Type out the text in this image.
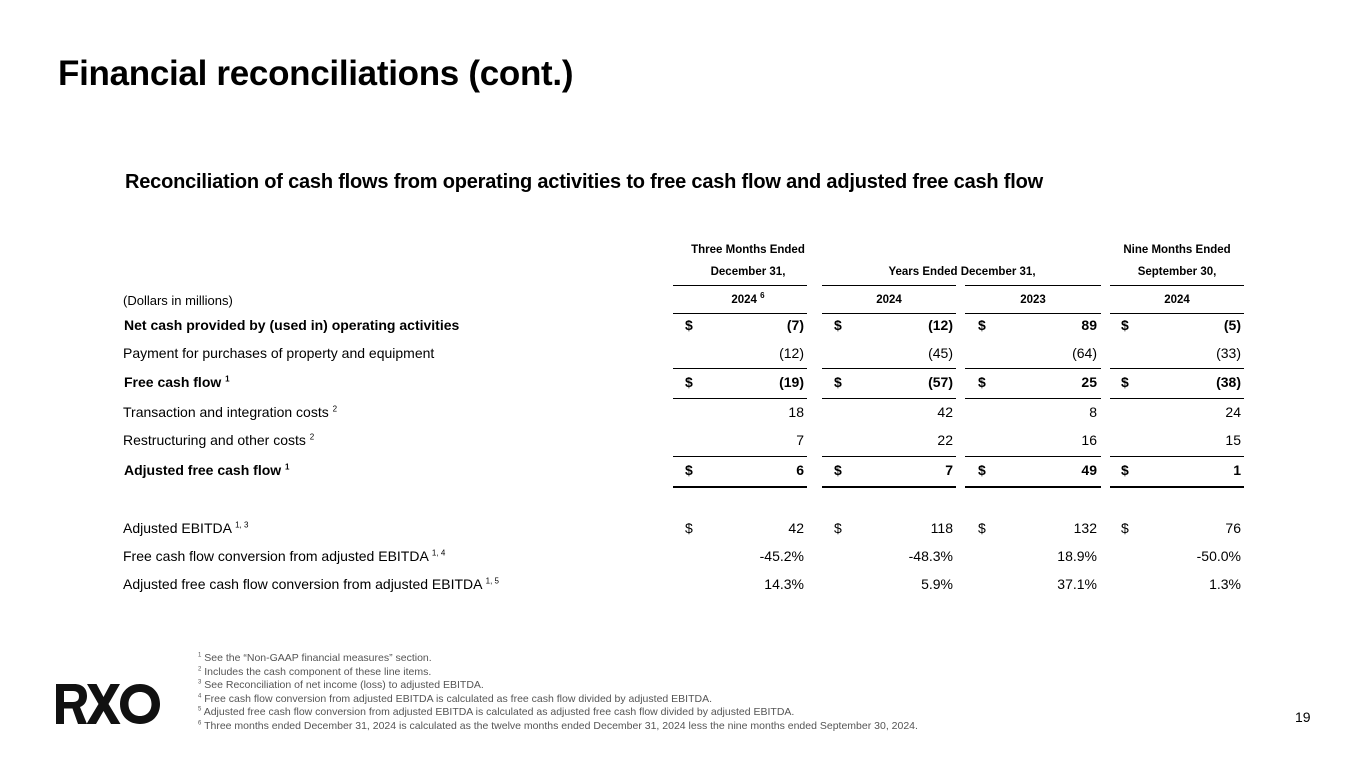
Financial reconciliations (cont.)
Reconciliation of cash flows from operating activities to free cash flow and adjusted free cash flow
Three Months Ended
December 31,	Years Ended December 31,
Nine Months Ended
September 30,
(Dollars in millions)	2024 $^6$	2024	2023	2024
Net cash provided by (used in) operating activities	$	(7) $	(12) $	89 $	(5)
Payment for purchases of property and equipment	(12)	(45)	(64)	(33)
Free cash flow $^1$	$	(19) $	(57) $	25 $	(38)
Transaction and integration costs $^2$	18	42	8	24
Restructuring and other costs $^2$	7	22	16	15
Adjusted free cash flow $^1$	$	6 $	7 $	49 $	1
Adjusted EBITDA $^{1, 3}$	$	42 $	118 $	132 $	76
Free cash flow conversion from adjusted EBITDA $^{1, 4}$	-45.2%	-48.3%	18.9%	-50.0%
Adjusted free cash flow conversion from adjusted EBITDA $^{1, 5}$	14.3%	5.9%	37.1%	1.3%
$^1$ See the “Non-GAAP financial measures” section.
$^2$ Includes the cash component of these line items.
$^3$ See Reconciliation of net income (loss) to adjusted EBITDA.
$^4$ Free cash flow conversion from adjusted EBITDA is calculated as free cash flow divided by adjusted EBITDA.
$^5$ Adjusted free cash flow conversion from adjusted EBITDA is calculated as adjusted free cash flow divided by adjusted EBITDA.
$^6$ Three months ended December 31, 2024 is calculated as the twelve months ended December 31, 2024 less the nine months ended September 30, 2024.
19
